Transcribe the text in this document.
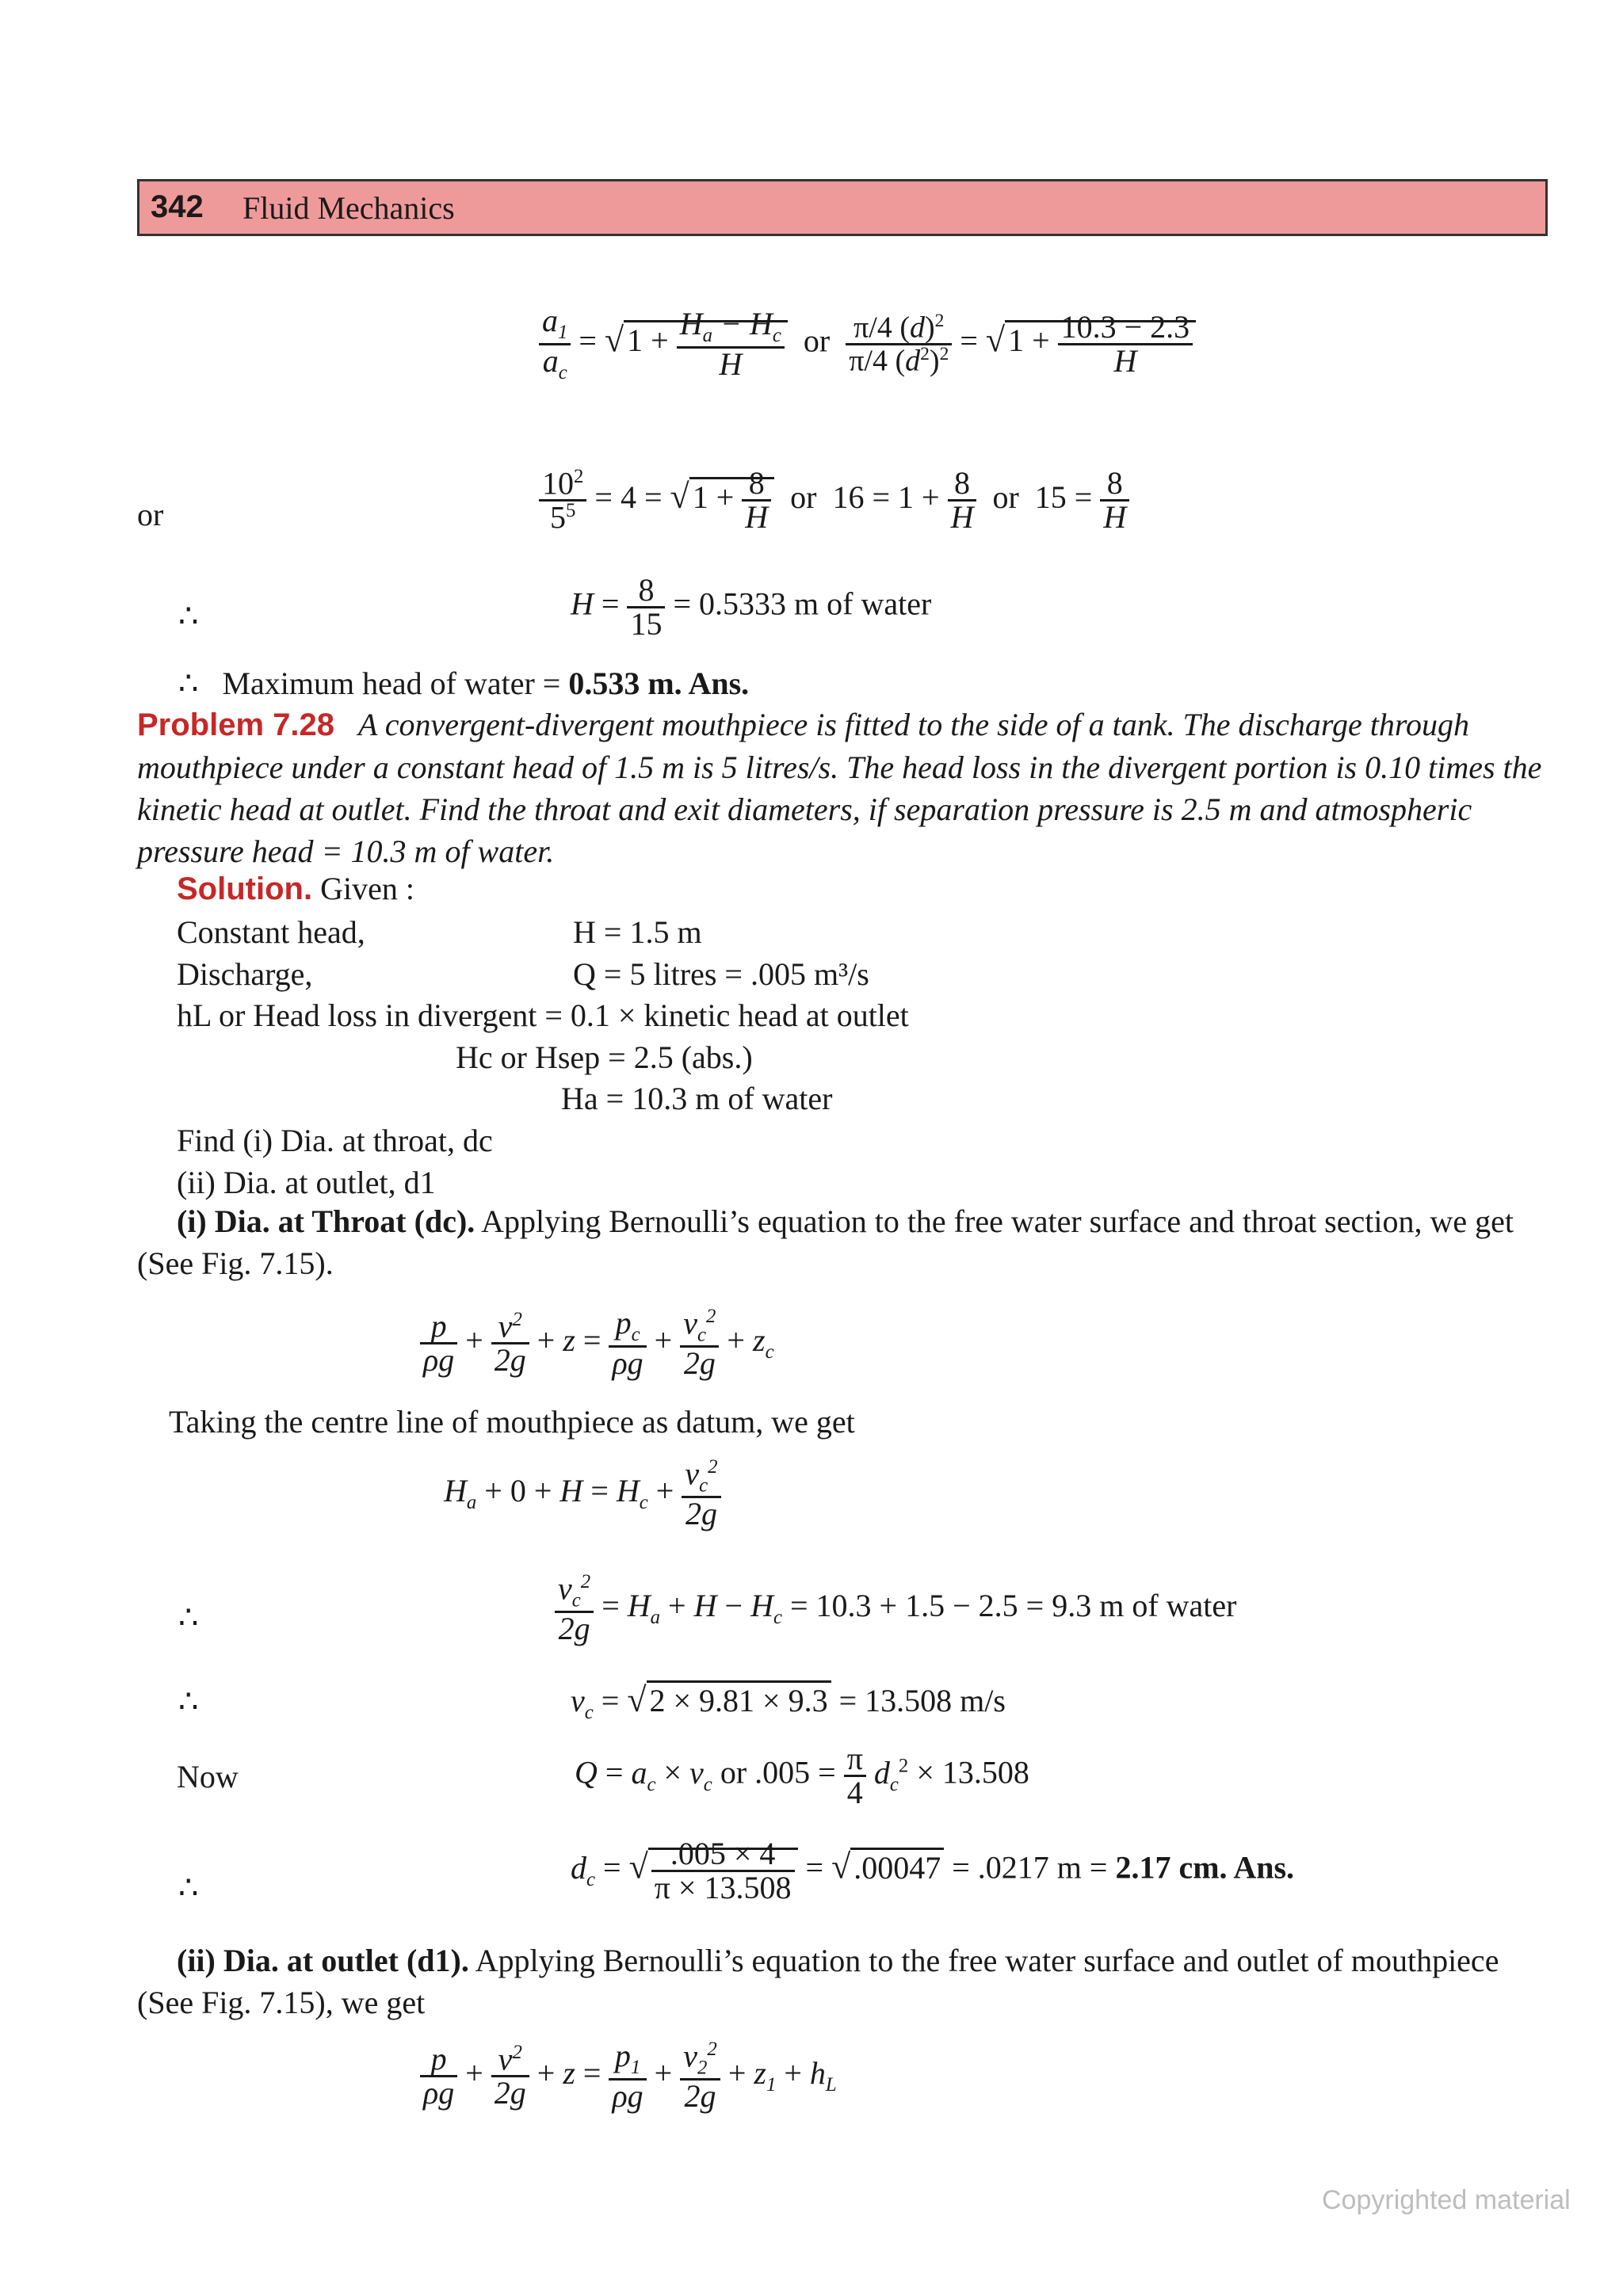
342 Fluid Mechanics
$\frac{a_1}{a_c}$ = √ $1 + \frac{H_a - H_c}{H}$ or $\frac{\pi/4 (d)^2}{\pi/4 (d^2)^2}$ = √ $1 + \frac{10.3 - 2.3}{H}$
or	$\frac{10^2}{5^5} = 4$ = √ $1 + \frac{8}{H}$ or  $16 = 1 + \frac{8}{H}$ or  $15 = \frac{8}{H}$
∴	$H = \frac{8}{15} = 0.5333$ m of water
∴ Maximum head of water = 0.533 m. Ans.
Problem 7.28 A convergent-divergent mouthpiece is fitted to the side of a tank. The discharge through mouthpiece under a constant head of 1.5 m is 5 litres/s. The head loss in the divergent portion is 0.10 times the kinetic head at outlet. Find the throat and exit diameters, if separation pressure is 2.5 m and atmospheric pressure head = 10.3 m of water.
Solution. Given :
Constant head,	H = 1.5 m
Discharge,	Q = 5 litres = .005 m³/s
hL or Head loss in divergent = 0.1 × kinetic head at outlet
Hc or Hsep = 2.5 (abs.)
Ha = 10.3 m of water
Find (i) Dia. at throat, dc
(ii) Dia. at outlet, d1
(i) Dia. at Throat (dc). Applying Bernoulli’s equation to the free water surface and throat section, we get (See Fig. 7.15).
$\frac{p}{\rho g} + \frac{v^2}{2g} + z = \frac{p_c}{\rho g} + \frac{v_c^2}{2g} + z_c$
Taking the centre line of mouthpiece as datum, we get
$H_a + 0 + H = H_c + \frac{v_c^2}{2g}$
∴	$\frac{v_c^2}{2g} = H_a + H - H_c = 10.3 + 1.5 - 2.5 = 9.3$ m of water
∴	$v_c$ = √ 2 × 9.81 × 9.3 = 13.508 m/s
Now	$Q = a_c \times v_c$ or $.005 = \frac{\pi}{4} d_c^2 \times 13.508$
∴
$d_c$ = √ $\frac{.005 \times 4}{\pi \times 13.508}$ = √ .00047 = .0217 m = 2.17 cm. Ans.
(ii) Dia. at outlet (d1). Applying Bernoulli’s equation to the free water surface and outlet of mouthpiece (See Fig. 7.15), we get
$\frac{p}{\rho g} + \frac{v^2}{2g} + z = \frac{p_1}{\rho g} + \frac{v_2^2}{2g} + z_1 + h_L$
Copyrighted material
